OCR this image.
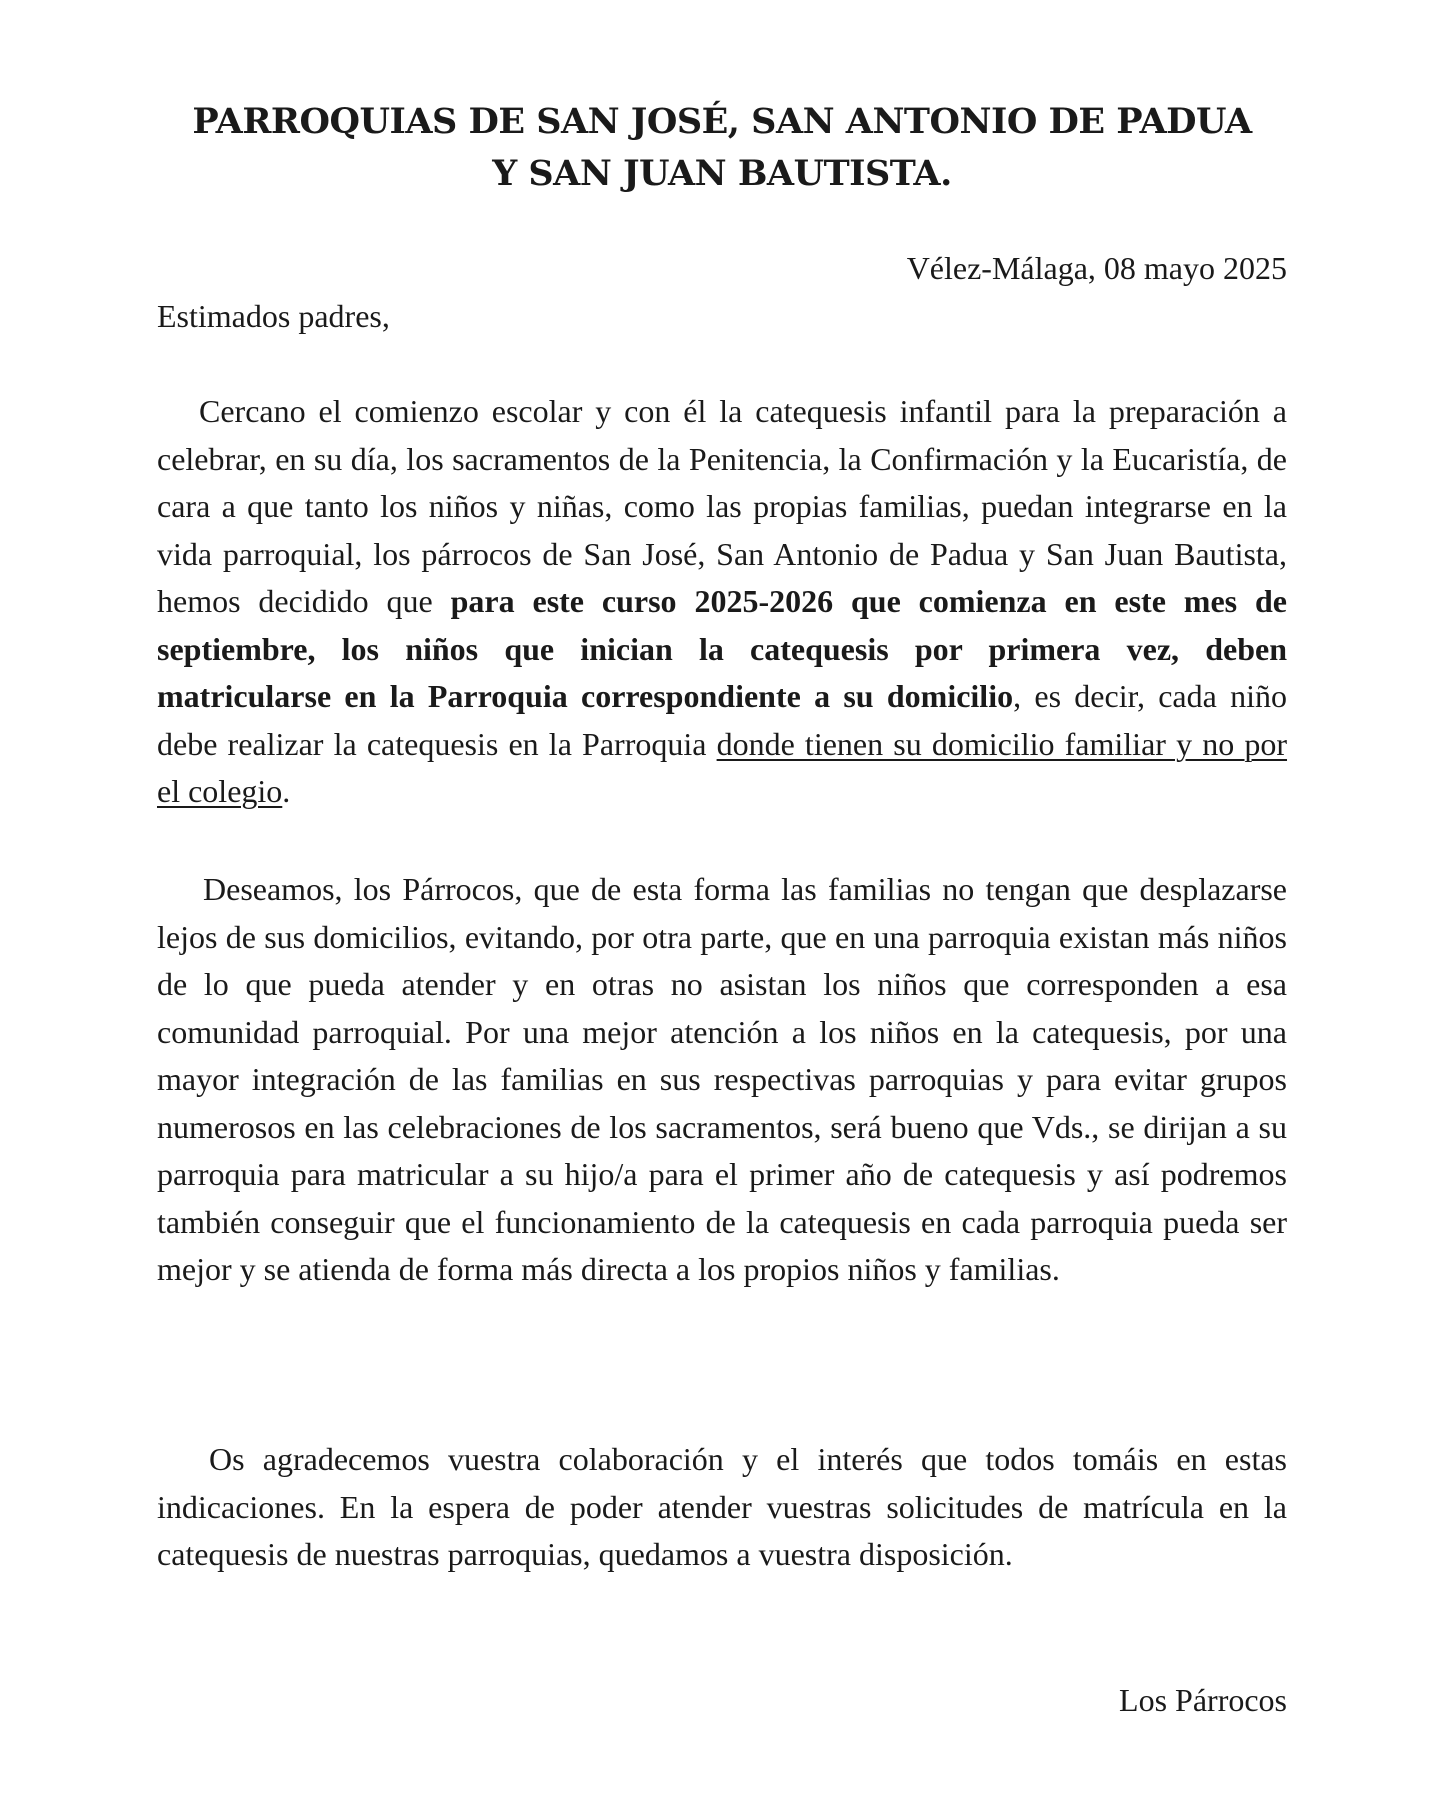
PARROQUIAS DE SAN JOSÉ, SAN ANTONIO DE PADUA
Y SAN JUAN BAUTISTA.

Vélez-Málaga, 08 mayo 2025

Estimados padres,

Cercano el comienzo escolar y con él la catequesis infantil para la preparación a celebrar, en su día, los sacramentos de la Penitencia, la Confirmación y la Eucaristía, de cara a que tanto los niños y niñas, como las propias familias, puedan integrarse en la vida parroquial, los párrocos de San José, San Antonio de Padua y San Juan Bautista, hemos decidido que para este curso 2025-2026 que comienza en este mes de septiembre, los niños que inician la catequesis por primera vez, deben matricularse en la Parroquia correspondiente a su domicilio, es decir, cada niño debe realizar la catequesis en la Parroquia donde tienen su domicilio familiar y no por el colegio.

Deseamos, los Párrocos, que de esta forma las familias no tengan que desplazarse lejos de sus domicilios, evitando, por otra parte, que en una parroquia existan más niños de lo que pueda atender y en otras no asistan los niños que corresponden a esa comunidad parroquial. Por una mejor atención a los niños en la catequesis, por una mayor integración de las familias en sus respectivas parroquias y para evitar grupos numerosos en las celebraciones de los sacramentos, será bueno que Vds., se dirijan a su parroquia para matricular a su hijo/a para el primer año de catequesis y así podremos también conseguir que el funcionamiento de la catequesis en cada parroquia pueda ser mejor y se atienda de forma más directa a los propios niños y familias.

Os agradecemos vuestra colaboración y el interés que todos tomáis en estas indicaciones. En la espera de poder atender vuestras solicitudes de matrícula en la catequesis de nuestras parroquias, quedamos a vuestra disposición.

Los Párrocos
